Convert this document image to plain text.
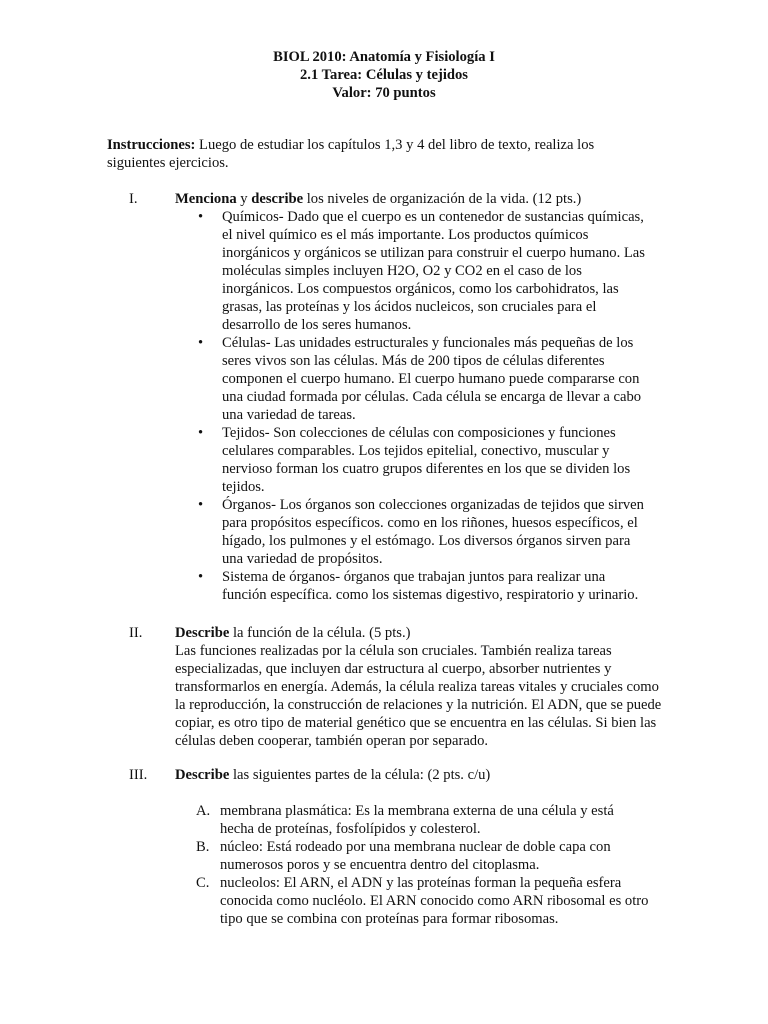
BIOL 2010: Anatomía y Fisiología I
2.1 Tarea: Células y tejidos
Valor: 70 puntos
Instrucciones: Luego de estudiar los capítulos 1,3 y 4 del libro de texto, realiza los siguientes ejercicios.
I.	Menciona y describe los niveles de organización de la vida. (12 pts.)
• Químicos- Dado que el cuerpo es un contenedor de sustancias químicas, el nivel químico es el más importante. Los productos químicos inorgánicos y orgánicos se utilizan para construir el cuerpo humano. Las moléculas simples incluyen H2O, O2 y CO2 en el caso de los inorgánicos. Los compuestos orgánicos, como los carbohidratos, las grasas, las proteínas y los ácidos nucleicos, son cruciales para el desarrollo de los seres humanos.
• Células- Las unidades estructurales y funcionales más pequeñas de los seres vivos son las células. Más de 200 tipos de células diferentes componen el cuerpo humano. El cuerpo humano puede compararse con una ciudad formada por células. Cada célula se encarga de llevar a cabo una variedad de tareas.
• Tejidos- Son colecciones de células con composiciones y funciones celulares comparables. Los tejidos epitelial, conectivo, muscular y nervioso forman los cuatro grupos diferentes en los que se dividen los tejidos.
• Órganos- Los órganos son colecciones organizadas de tejidos que sirven para propósitos específicos. como en los riñones, huesos específicos, el hígado, los pulmones y el estómago. Los diversos órganos sirven para una variedad de propósitos.
• Sistema de órganos- órganos que trabajan juntos para realizar una función específica. como los sistemas digestivo, respiratorio y urinario.
II. Describe la función de la célula. (5 pts.)
Las funciones realizadas por la célula son cruciales. También realiza tareas especializadas, que incluyen dar estructura al cuerpo, absorber nutrientes y transformarlos en energía. Además, la célula realiza tareas vitales y cruciales como la reproducción, la construcción de relaciones y la nutrición. El ADN, que se puede copiar, es otro tipo de material genético que se encuentra en las células. Si bien las células deben cooperar, también operan por separado.
III. Describe las siguientes partes de la célula: (2 pts. c/u)
A. membrana plasmática: Es la membrana externa de una célula y está hecha de proteínas, fosfolípidos y colesterol.
B. núcleo: Está rodeado por una membrana nuclear de doble capa con numerosos poros y se encuentra dentro del citoplasma.
C. nucleolos: El ARN, el ADN y las proteínas forman la pequeña esfera conocida como nucléolo. El ARN conocido como ARN ribosomal es otro tipo que se combina con proteínas para formar ribosomas.
